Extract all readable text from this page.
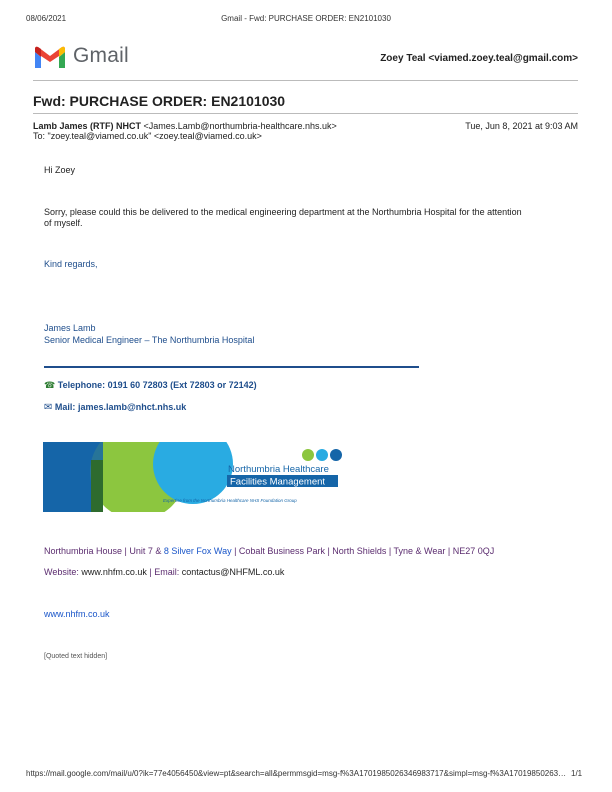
08/06/2021	Gmail - Fwd: PURCHASE ORDER: EN2101030
Gmail	Zoey Teal <viamed.zoey.teal@gmail.com>
Fwd: PURCHASE ORDER: EN2101030
Lamb James (RTF) NHCT <James.Lamb@northumbria-healthcare.nhs.uk>	Tue, Jun 8, 2021 at 9:03 AM
To: "zoey.teal@viamed.co.uk" <zoey.teal@viamed.co.uk>
Hi Zoey
Sorry, please could this be delivered to the medical engineering department at the Northumbria Hospital for the attention
of myself.
Kind regards,
James Lamb
Senior Medical Engineer – The Northumbria Hospital
☎ Telephone: 0191 60 72803 (Ext 72803 or 72142)
✉ Mail: james.lamb@nhct.nhs.uk
Northumbria Healthcare
Facilities Management
Expertise from the Northumbria Healthcare NHS Foundation Group
Northumbria House | Unit 7 & 8 Silver Fox Way | Cobalt Business Park | North Shields | Tyne & Wear | NE27 0QJ
Website: www.nhfm.co.uk | Email: contactus@NHFML.co.uk
www.nhfm.co.uk
[Quoted text hidden]
https://mail.google.com/mail/u/0?ik=77e4056450&view=pt&search=all&permmsgid=msg-f%3A1701985026346983717&simpl=msg-f%3A17019850263… 1/1
